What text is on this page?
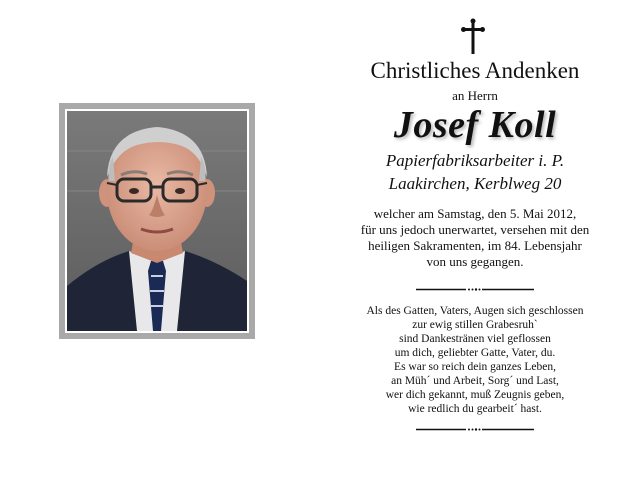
Christliches Andenken
an Herrn
Josef Koll
Papierfabriksarbeiter i. P.
Laakirchen, Kerblweg 20
welcher am Samstag, den 5. Mai 2012,
für uns jedoch unerwartet, versehen mit den
heiligen Sakramenten, im 84. Lebensjahr
von uns gegangen.
Als des Gatten, Vaters, Augen sich geschlossen
zur ewig stillen Grabesruh`
sind Dankestränen viel geflossen
um dich, geliebter Gatte, Vater, du.
Es war so reich dein ganzes Leben,
an Müh´ und Arbeit, Sorg´ und Last,
wer dich gekannt, muß Zeugnis geben,
wie redlich du gearbeit´ hast.
